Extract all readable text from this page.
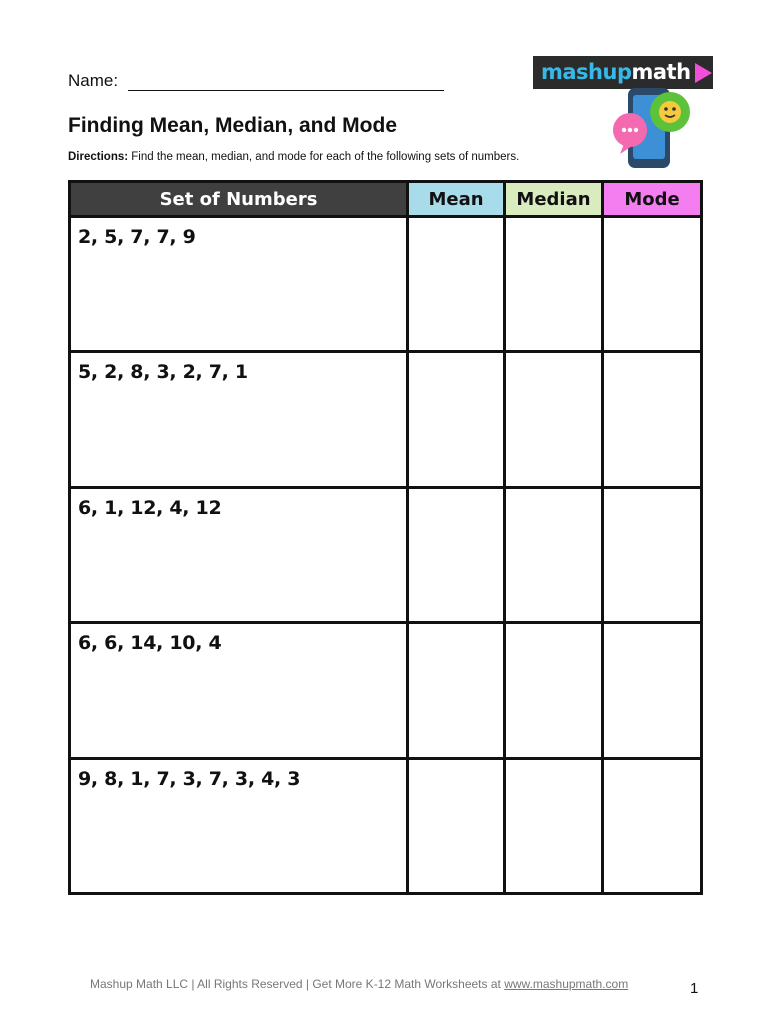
Name:	mashupmath
Finding Mean, Median, and Mode
Directions: Find the mean, median, and mode for each of the following sets of numbers.
Set of Numbers	Mean	Median	Mode
2, 5, 7, 7, 9			
5, 2, 8, 3, 2, 7, 1			
6, 1, 12, 4, 12			
6, 6, 14, 10, 4			
9, 8, 1, 7, 3, 7, 3, 4, 3			
Mashup Math LLC | All Rights Reserved | Get More K-12 Math Worksheets at www.mashupmath.com	1
